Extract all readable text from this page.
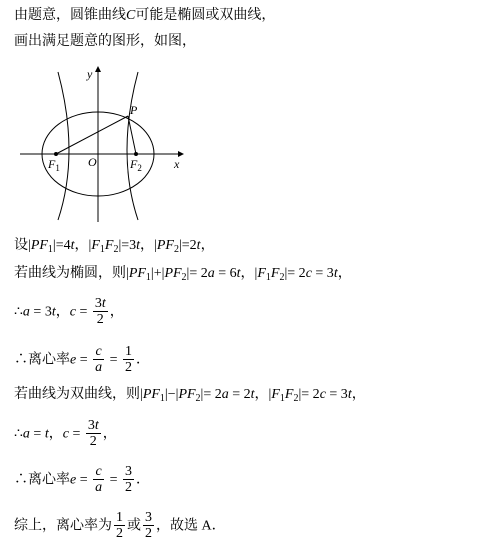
由题意，圆锥曲线C可能是椭圆或双曲线，
画出满足题意的图形，如图，
y
x
O
P
$F_1$	$F_2$
设$|PF_1|=4t$，$|F_1F_2|=3t$，$|PF_2|=2t$，
若曲线为椭圆，则$|PF_1|+|PF_2|= 2a = 6t$，$|F_1F_2|= 2c = 3t$，
∴a = 3t，$c = \frac{3t}{2}$ ，
∴离心率$e = \frac{c}{a} = \frac{1}{2}$ ．
若曲线为双曲线，则$|PF_1|-|PF_2|= 2a = 2t$，$|F_1F_2|= 2c = 3t$，
∴a = t，$c = \frac{3t}{2}$ ，
∴离心率$e = \frac{c}{a} = \frac{3}{2}$ ．
综上，离心率为 $\frac{1}{2}$ 或 $\frac{3}{2}$ ，故选 A．
